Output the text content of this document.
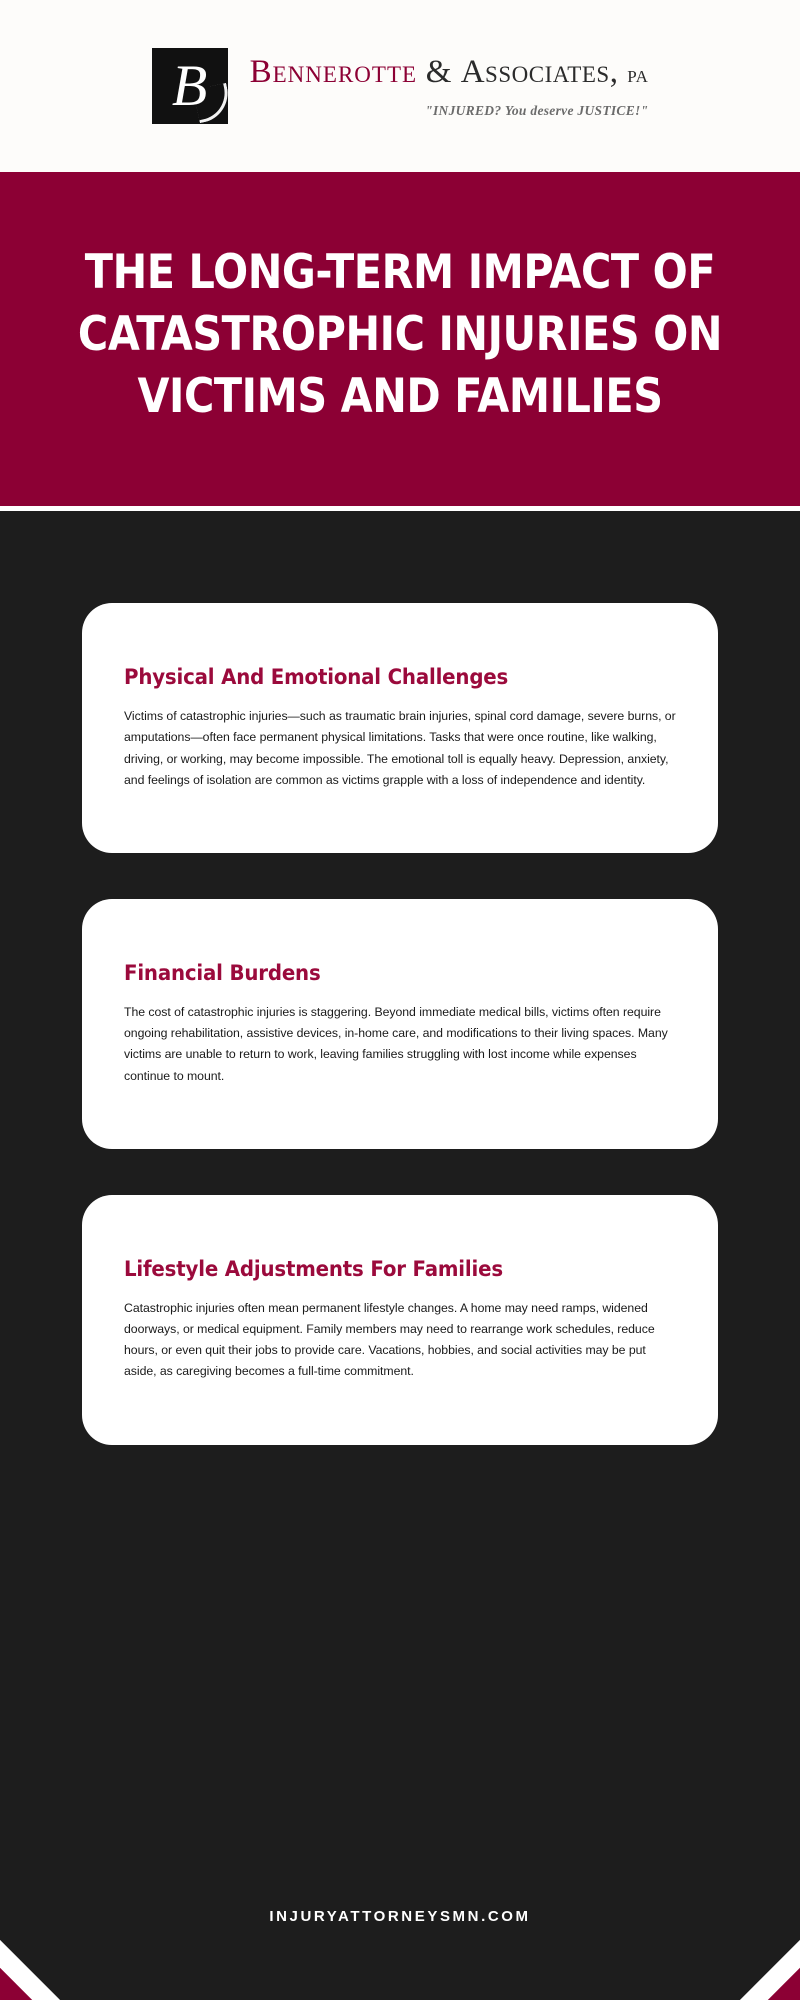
B	Bennerotte & Associates, pa
"INJURED? You deserve JUSTICE!"
THE LONG-TERM IMPACT OF CATASTROPHIC INJURIES ON VICTIMS AND FAMILIES
Physical And Emotional Challenges

Victims of catastrophic injuries—such as traumatic brain injuries, spinal cord damage, severe burns, or amputations—often face permanent physical limitations. Tasks that were once routine, like walking, driving, or working, may become impossible. The emotional toll is equally heavy. Depression, anxiety, and feelings of isolation are common as victims grapple with a loss of independence and identity.

Financial Burdens

The cost of catastrophic injuries is staggering. Beyond immediate medical bills, victims often require ongoing rehabilitation, assistive devices, in-home care, and modifications to their living spaces. Many victims are unable to return to work, leaving families struggling with lost income while expenses continue to mount.

Lifestyle Adjustments For Families

Catastrophic injuries often mean permanent lifestyle changes. A home may need ramps, widened doorways, or medical equipment. Family members may need to rearrange work schedules, reduce hours, or even quit their jobs to provide care. Vacations, hobbies, and social activities may be put aside, as caregiving becomes a full-time commitment.

INJURYATTORNEYSMN.COM
